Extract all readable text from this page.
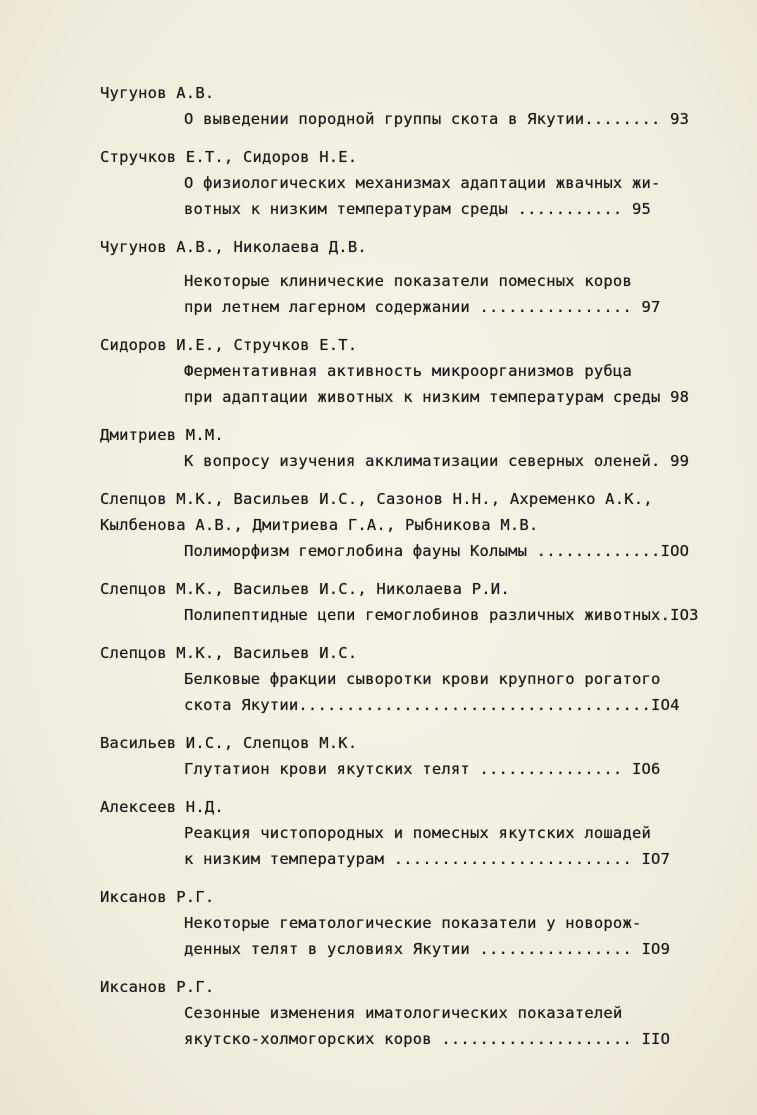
Чугунов А.В.
О выведении породной группы скота в Якутии........ 93
Стручков Е.Т., Сидоров Н.Е.
О физиологических механизмах адаптации жвачных жи-
вотных к низким температурам среды ........... 95
Чугунов А.В., Николаева Д.В.
Некоторые клинические показатели помесных коров
при летнем лагерном содержании ................ 97
Сидоров И.Е., Стручков Е.Т.
Ферментативная активность микроорганизмов рубца
при адаптации животных к низким температурам среды 98
Дмитриев М.М.
К вопросу изучения акклиматизации северных оленей. 99
Слепцов М.К., Васильев И.С., Сазонов Н.Н., Ахременко А.К.,
Кылбенова А.В., Дмитриева Г.А., Рыбникова М.В.
Полиморфизм гемоглобина фауны Колымы .............IOO
Слепцов М.К., Васильев И.С., Николаева Р.И.
Полипептидные цепи гемоглобинов различных животных.IO3
Слепцов М.К., Васильев И.С.
Белковые фракции сыворотки крови крупного рогатого
скота Якутии.....................................IO4
Васильев И.С., Слепцов М.К.
Глутатион крови якутских телят ............... IO6
Алексеев Н.Д.
Реакция чистопородных и помесных якутских лошадей
к низким температурам ......................... IO7
Иксанов Р.Г.
Некоторые гематологические показатели у новорож-
денных телят в условиях Якутии ................ IO9
Иксанов Р.Г.
Сезонные изменения иматологических показателей
якутско-холмогорских коров .................... IIO
